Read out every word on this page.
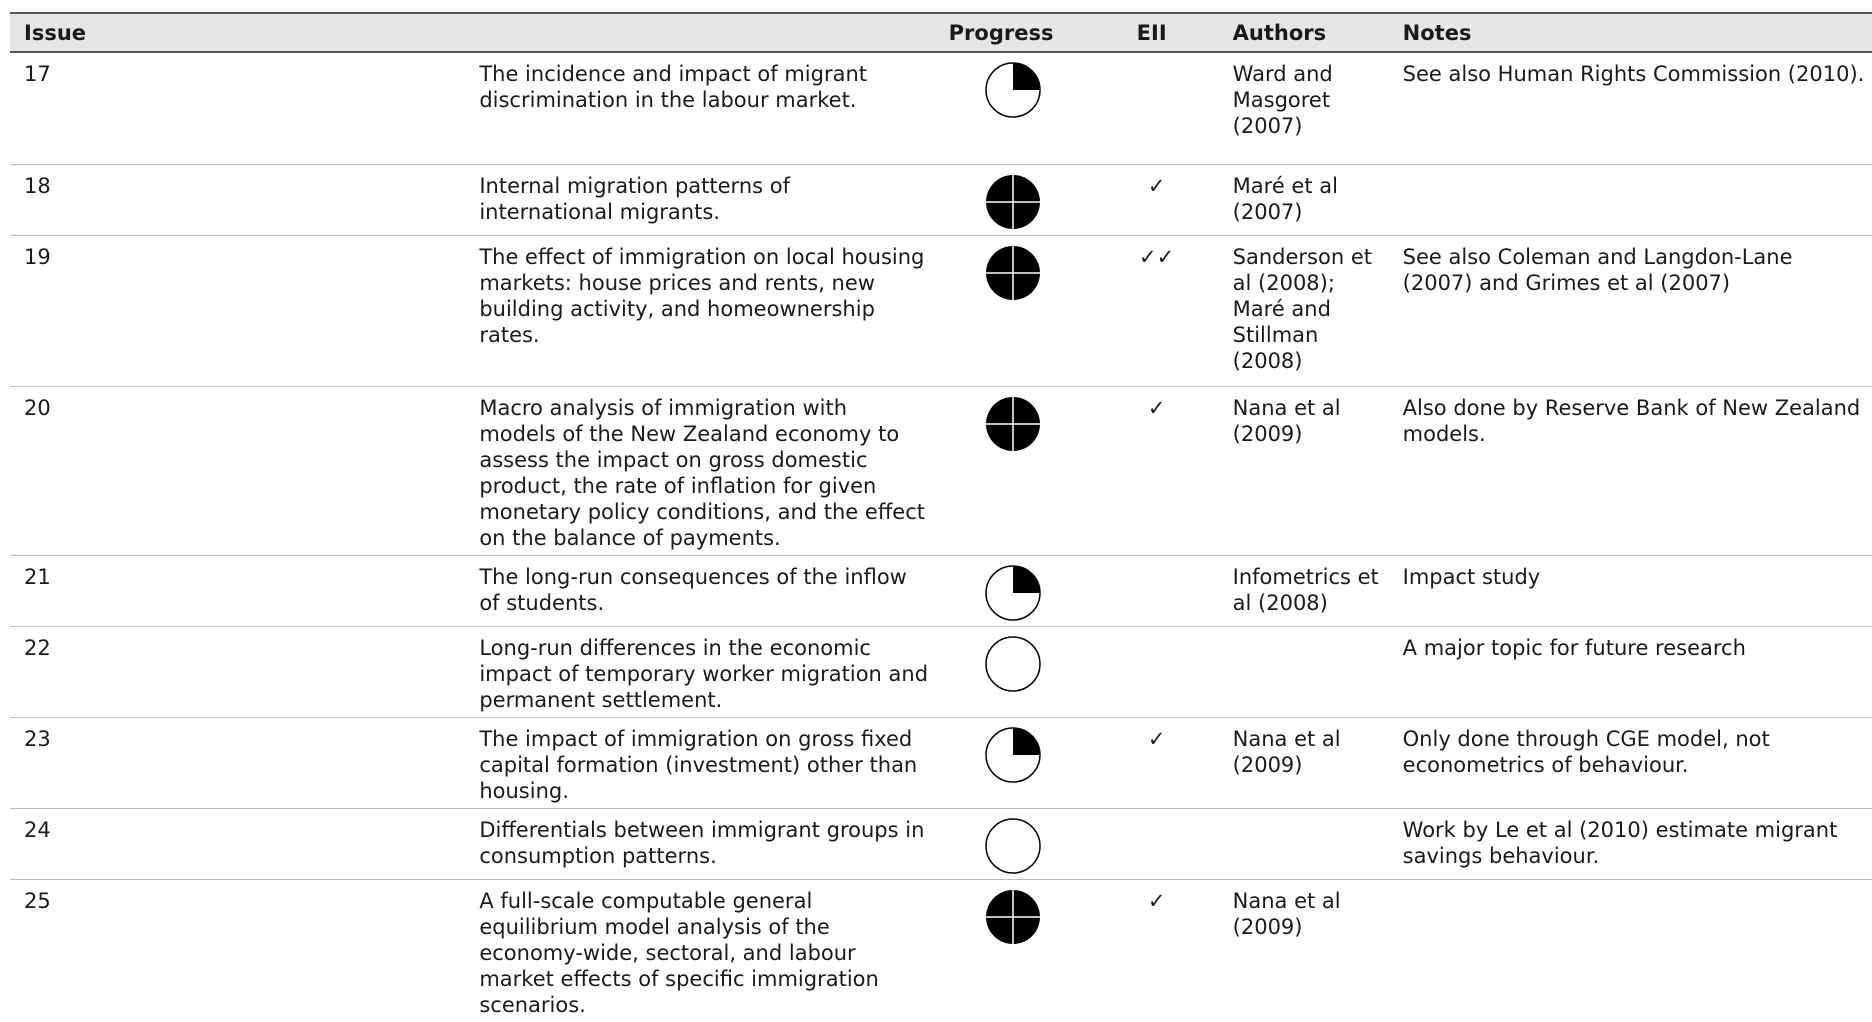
Issue		Progress	EII	Authors	Notes
17	The incidence and impact of migrant discrimination in the labour market.			Ward and Masgoret (2007)	See also Human Rights Commission (2010).
18	Internal migration patterns of international migrants.		✓	Maré et al (2007)	
19	The effect of immigration on local housing markets: house prices and rents, new building activity, and homeownership rates.		✓✓	Sanderson et al (2008); Maré and Stillman (2008)	See also Coleman and Langdon-Lane (2007) and Grimes et al (2007)
20	Macro analysis of immigration with models of the New Zealand economy to assess the impact on gross domestic product, the rate of inflation for given monetary policy conditions, and the effect on the balance of payments.		✓	Nana et al (2009)	Also done by Reserve Bank of New Zealand models.
21	The long-run consequences of the inflow of students.			Infometrics et al (2008)	Impact study
22	Long-run differences in the economic impact of temporary worker migration and permanent settlement.				A major topic for future research
23	The impact of immigration on gross fixed capital formation (investment) other than housing.		✓	Nana et al (2009)	Only done through CGE model, not econometrics of behaviour.
24	Differentials between immigrant groups in consumption patterns.				Work by Le et al (2010) estimate migrant savings behaviour.
25	A full-scale computable general equilibrium model analysis of the economy-wide, sectoral, and labour market effects of specific immigration scenarios.		✓	Nana et al (2009)	
